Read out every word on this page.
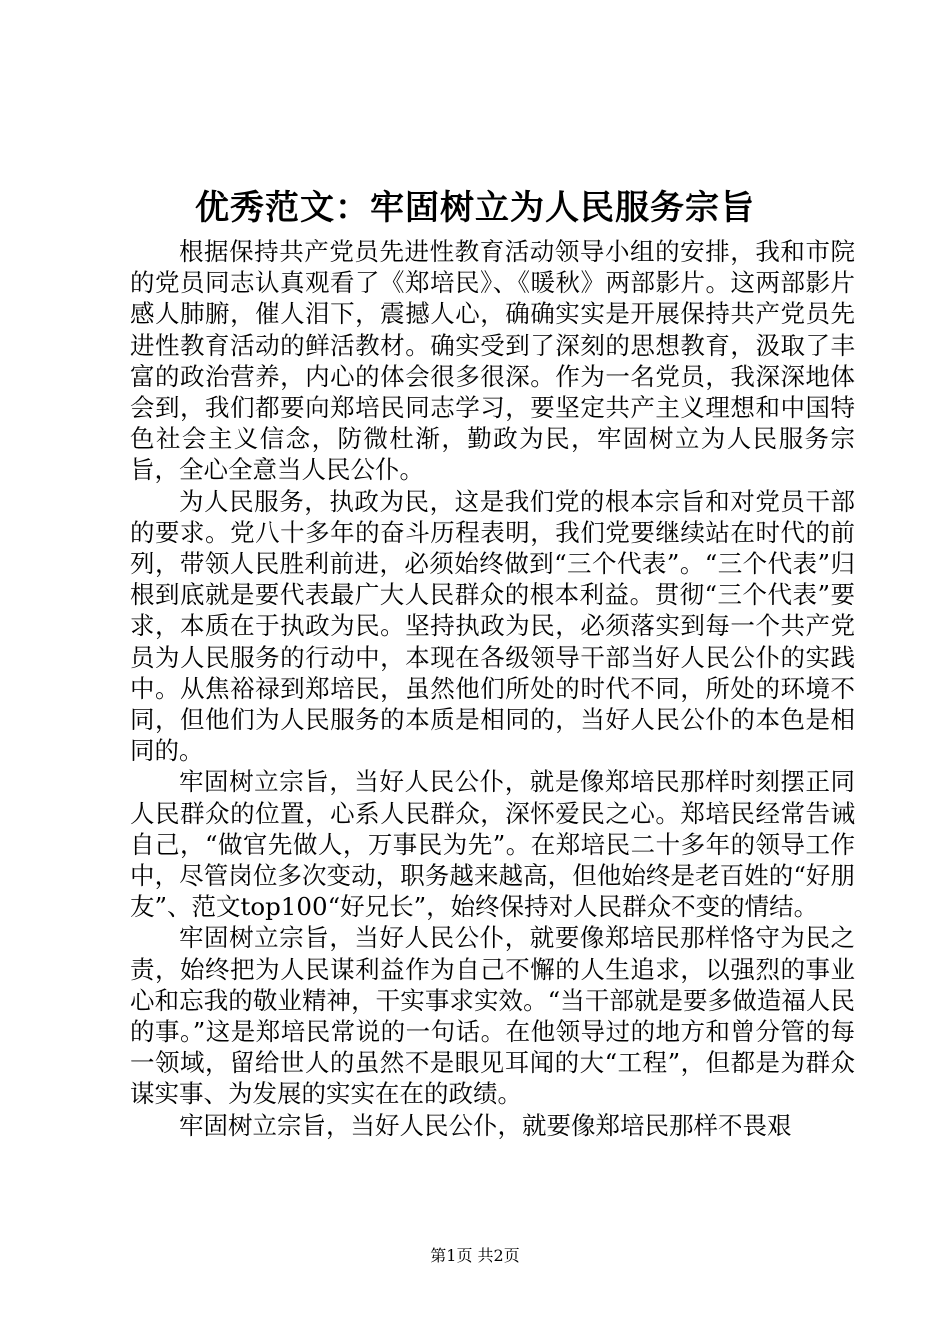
优秀范文：牢固树立为人民服务宗旨

根据保持共产党员先进性教育活动领导小组的安排，我和市院的党员同志认真观看了《郑培民》、《暖秋》两部影片。这两部影片感人肺腑，催人泪下，震撼人心，确确实实是开展保持共产党员先进性教育活动的鲜活教材。确实受到了深刻的思想教育，汲取了丰富的政治营养，内心的体会很多很深。作为一名党员，我深深地体会到，我们都要向郑培民同志学习，要坚定共产主义理想和中国特色社会主义信念，防微杜渐，勤政为民，牢固树立为人民服务宗旨，全心全意当人民公仆。

为人民服务，执政为民，这是我们党的根本宗旨和对党员干部的要求。党八十多年的奋斗历程表明，我们党要继续站在时代的前列，带领人民胜利前进，必须始终做到“三个代表”。“三个代表”归根到底就是要代表最广大人民群众的根本利益。贯彻“三个代表”要求，本质在于执政为民。坚持执政为民，必须落实到每一个共产党员为人民服务的行动中，本现在各级领导干部当好人民公仆的实践中。从焦裕禄到郑培民，虽然他们所处的时代不同，所处的环境不同，但他们为人民服务的本质是相同的，当好人民公仆的本色是相同的。

牢固树立宗旨，当好人民公仆，就是像郑培民那样时刻摆正同人民群众的位置，心系人民群众，深怀爱民之心。郑培民经常告诫自己，“做官先做人，万事民为先”。在郑培民二十多年的领导工作中，尽管岗位多次变动，职务越来越高，但他始终是老百姓的“好朋友”、范文top100“好兄长”，始终保持对人民群众不变的情结。

牢固树立宗旨，当好人民公仆，就要像郑培民那样恪守为民之责，始终把为人民谋利益作为自己不懈的人生追求，以强烈的事业心和忘我的敬业精神，干实事求实效。“当干部就是要多做造福人民的事。”这是郑培民常说的一句话。在他领导过的地方和曾分管的每一领域，留给世人的虽然不是眼见耳闻的大“工程”，但都是为群众谋实事、为发展的实实在在的政绩。

牢固树立宗旨，当好人民公仆，就要像郑培民那样不畏艰

第1页 共2页
